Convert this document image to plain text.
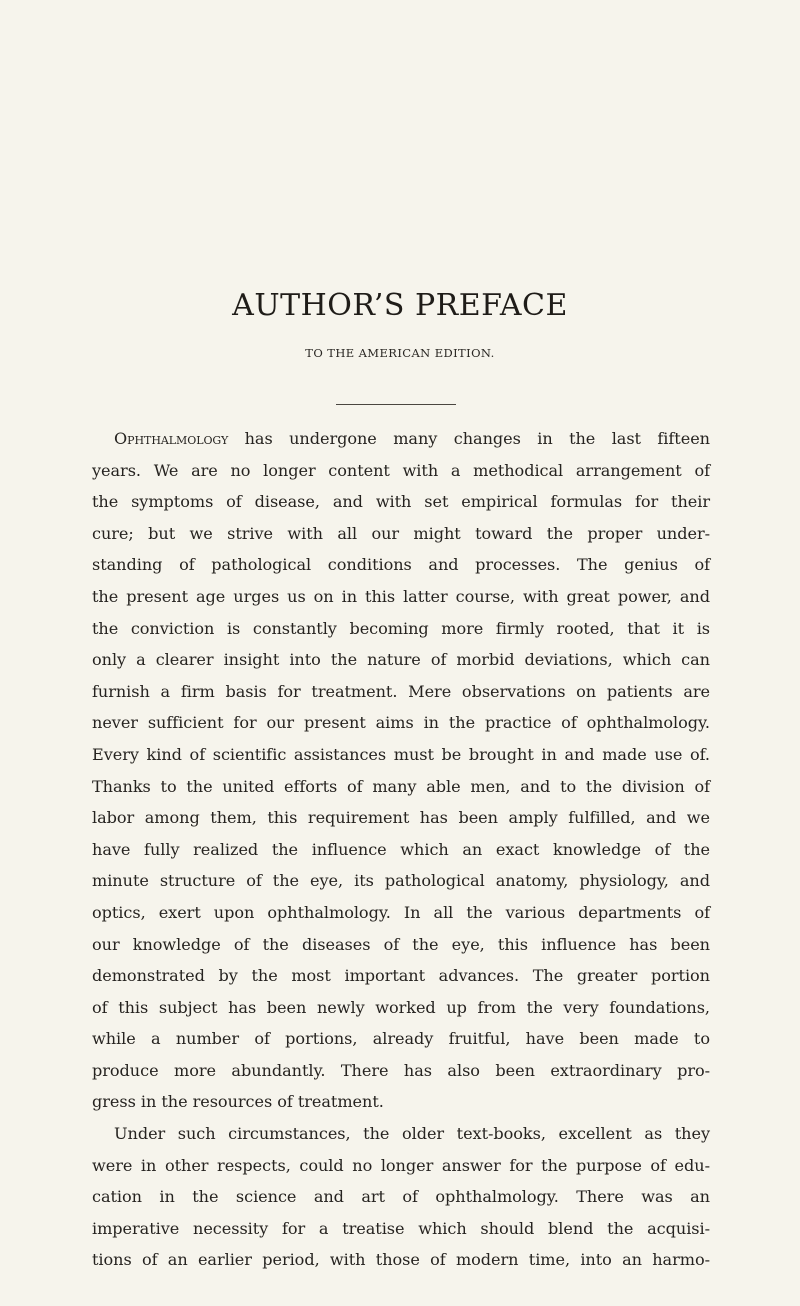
AUTHOR’S PREFACE
TO THE AMERICAN EDITION.
Ophthalmology has undergone many changes in the last fifteen
years. We are no longer content with a methodical arrangement of
the symptoms of disease, and with set empirical formulas for their
cure; but we strive with all our might toward the proper under-
standing of pathological conditions and processes. The genius of
the present age urges us on in this latter course, with great power, and
the conviction is constantly becoming more firmly rooted, that it is
only a clearer insight into the nature of morbid deviations, which can
furnish a firm basis for treatment. Mere observations on patients are
never sufficient for our present aims in the practice of ophthalmology.
Every kind of scientific assistances must be brought in and made use of.
Thanks to the united efforts of many able men, and to the division of
labor among them, this requirement has been amply fulfilled, and we
have fully realized the influence which an exact knowledge of the
minute structure of the eye, its pathological anatomy, physiology, and
optics, exert upon ophthalmology. In all the various departments of
our knowledge of the diseases of the eye, this influence has been
demonstrated by the most important advances. The greater portion
of this subject has been newly worked up from the very foundations,
while a number of portions, already fruitful, have been made to
produce more abundantly. There has also been extraordinary pro-
gress in the resources of treatment.
Under such circumstances, the older text-books, excellent as they
were in other respects, could no longer answer for the purpose of edu-
cation in the science and art of ophthalmology. There was an
imperative necessity for a treatise which should blend the acquisi-
tions of an earlier period, with those of modern time, into an harmo-
